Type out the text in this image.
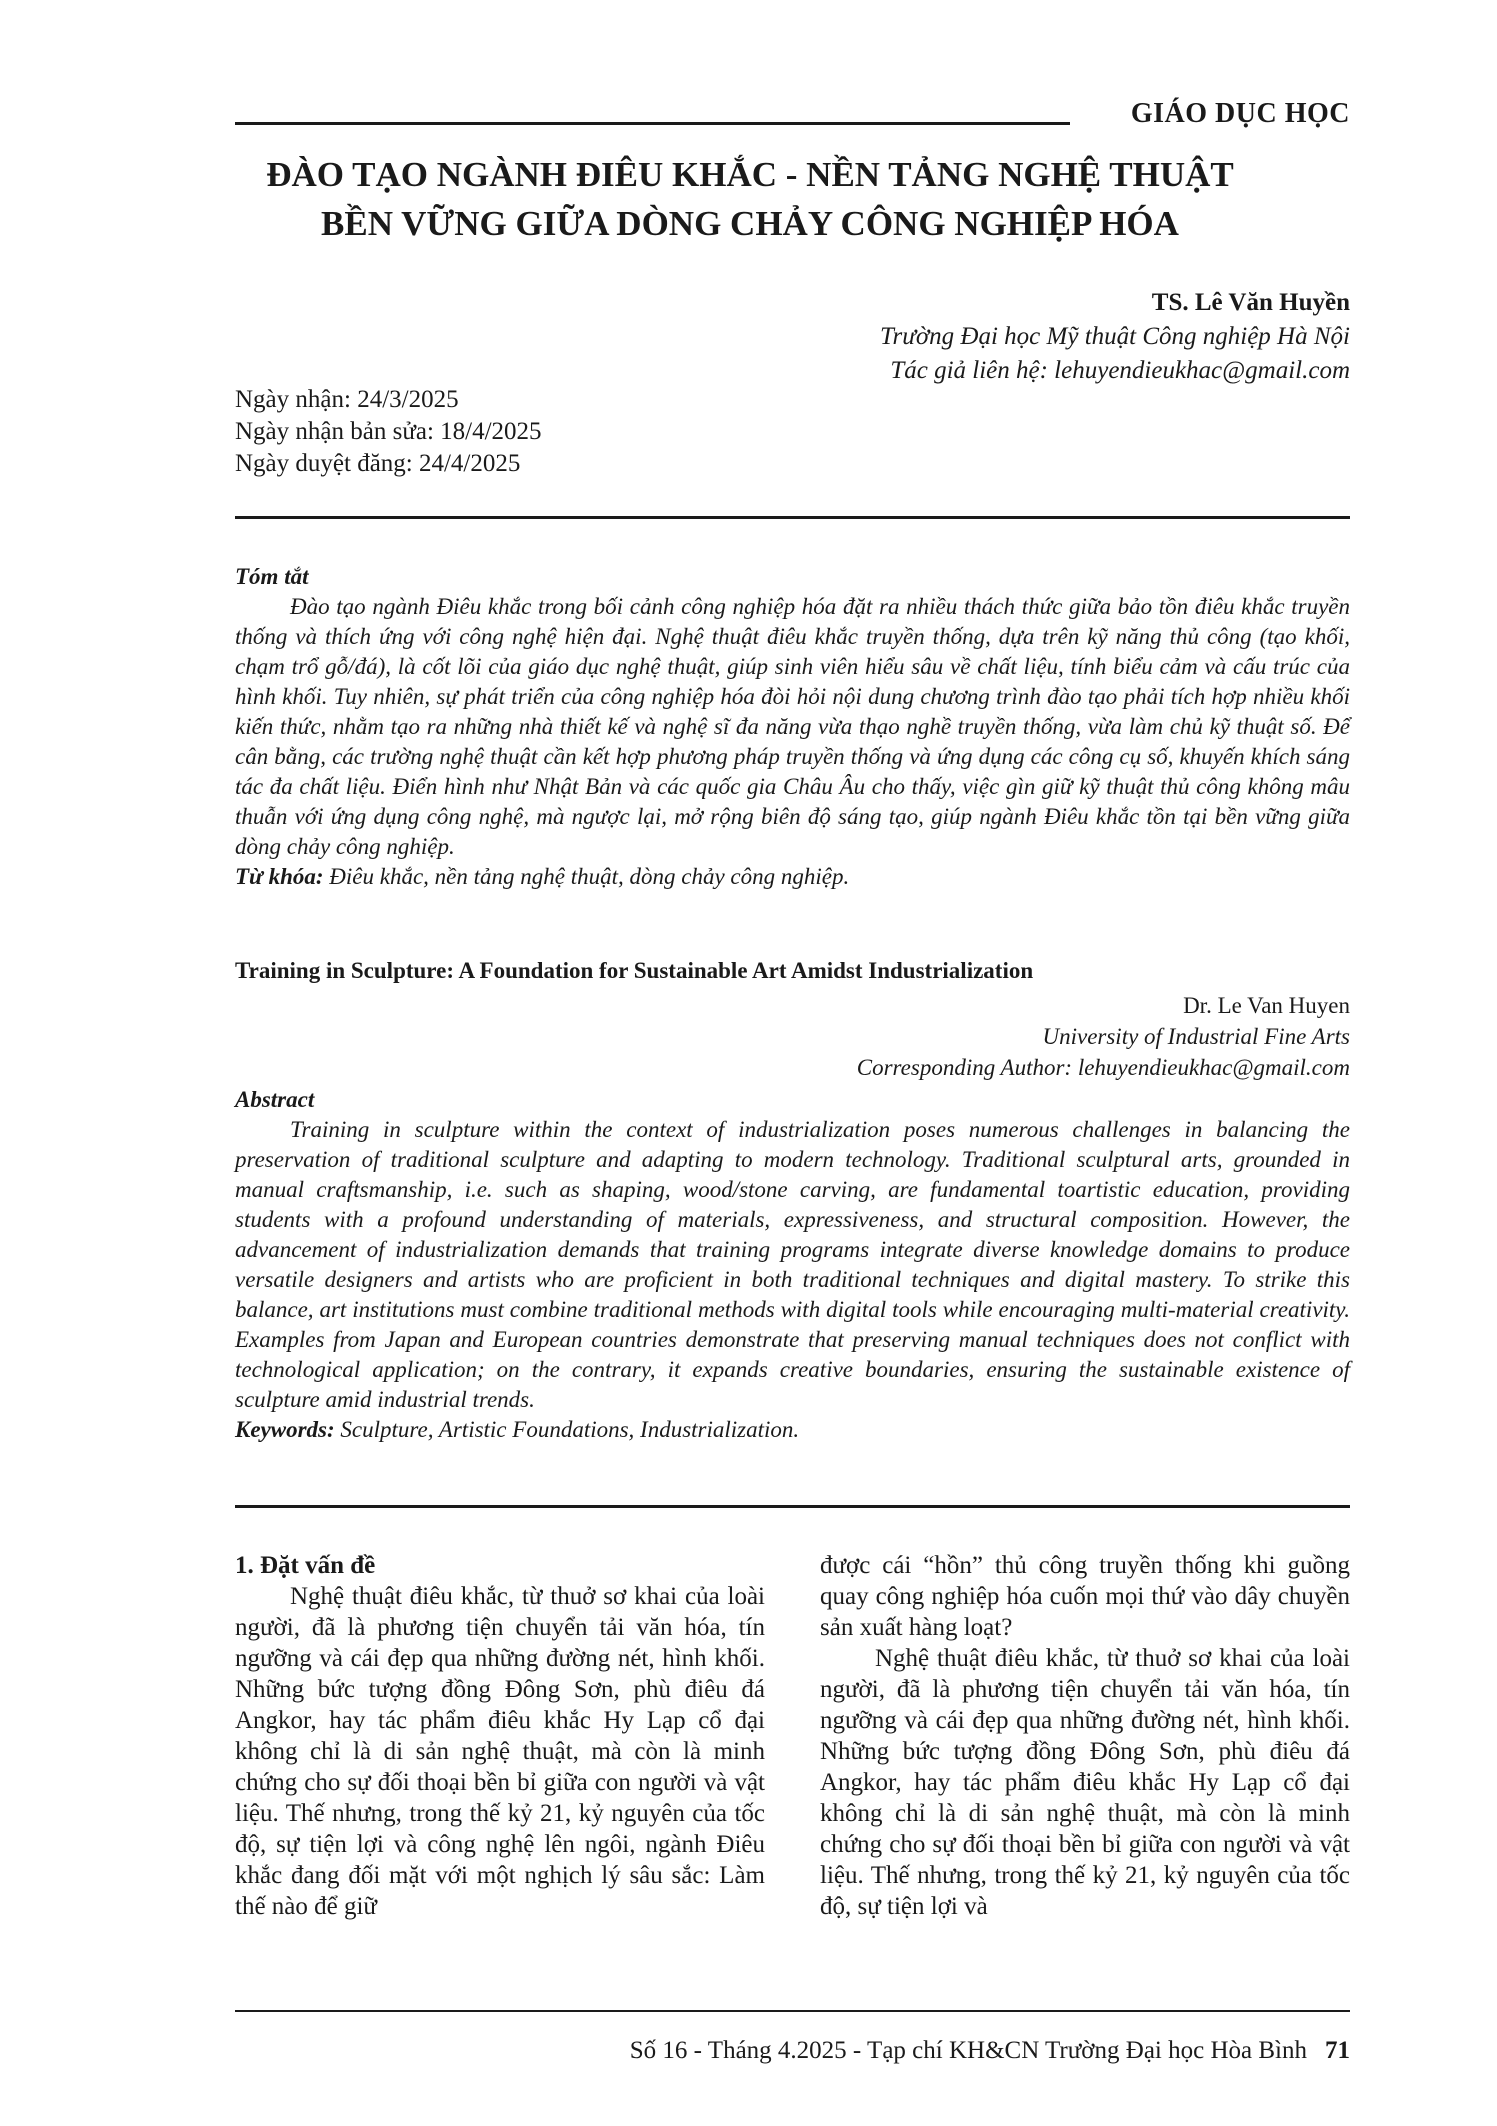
GIÁO DỤC HỌC
ĐÀO TẠO NGÀNH ĐIÊU KHẮC - NỀN TẢNG NGHỆ THUẬT
BỀN VỮNG GIỮA DÒNG CHẢY CÔNG NGHIỆP HÓA
TS. Lê Văn Huyền
Trường Đại học Mỹ thuật Công nghiệp Hà Nội
Tác giả liên hệ: lehuyendieukhac@gmail.com
Ngày nhận: 24/3/2025
Ngày nhận bản sửa: 18/4/2025
Ngày duyệt đăng: 24/4/2025
Tóm tắt

Đào tạo ngành Điêu khắc trong bối cảnh công nghiệp hóa đặt ra nhiều thách thức giữa bảo tồn điêu khắc truyền thống và thích ứng với công nghệ hiện đại. Nghệ thuật điêu khắc truyền thống, dựa trên kỹ năng thủ công (tạo khối, chạm trổ gỗ/đá), là cốt lõi của giáo dục nghệ thuật, giúp sinh viên hiểu sâu về chất liệu, tính biểu cảm và cấu trúc của hình khối. Tuy nhiên, sự phát triển của công nghiệp hóa đòi hỏi nội dung chương trình đào tạo phải tích hợp nhiều khối kiến thức, nhằm tạo ra những nhà thiết kế và nghệ sĩ đa năng vừa thạo nghề truyền thống, vừa làm chủ kỹ thuật số. Để cân bằng, các trường nghệ thuật cần kết hợp phương pháp truyền thống và ứng dụng các công cụ số, khuyến khích sáng tác đa chất liệu. Điển hình như Nhật Bản và các quốc gia Châu Âu cho thấy, việc gìn giữ kỹ thuật thủ công không mâu thuẫn với ứng dụng công nghệ, mà ngược lại, mở rộng biên độ sáng tạo, giúp ngành Điêu khắc tồn tại bền vững giữa dòng chảy công nghiệp.

Từ khóa: Điêu khắc, nền tảng nghệ thuật, dòng chảy công nghiệp.

Training in Sculpture: A Foundation for Sustainable Art Amidst Industrialization
Dr. Le Van Huyen
University of Industrial Fine Arts
Corresponding Author: lehuyendieukhac@gmail.com
Abstract

Training in sculpture within the context of industrialization poses numerous challenges in balancing the preservation of traditional sculpture and adapting to modern technology. Traditional sculptural arts, grounded in manual craftsmanship, i.e. such as shaping, wood/stone carving, are fundamental toartistic education, providing students with a profound understanding of materials, expressiveness, and structural composition. However, the advancement of industrialization demands that training programs integrate diverse knowledge domains to produce versatile designers and artists who are proficient in both traditional techniques and digital mastery. To strike this balance, art institutions must combine traditional methods with digital tools while encouraging multi-material creativity. Examples from Japan and European countries demonstrate that preserving manual techniques does not conflict with technological application; on the contrary, it expands creative boundaries, ensuring the sustainable existence of sculpture amid industrial trends.

Keywords: Sculpture, Artistic Foundations, Industrialization.

1. Đặt vấn đề

Nghệ thuật điêu khắc, từ thuở sơ khai của loài người, đã là phương tiện chuyển tải văn hóa, tín ngưỡng và cái đẹp qua những đường nét, hình khối. Những bức tượng đồng Đông Sơn, phù điêu đá Angkor, hay tác phẩm điêu khắc Hy Lạp cổ đại không chỉ là di sản nghệ thuật, mà còn là minh chứng cho sự đối thoại bền bỉ giữa con người và vật liệu. Thế nhưng, trong thế kỷ 21, kỷ nguyên của tốc độ, sự tiện lợi và công nghệ lên ngôi, ngành Điêu khắc đang đối mặt với một nghịch lý sâu sắc: Làm thế nào để giữ

được cái “hồn” thủ công truyền thống khi guồng quay công nghiệp hóa cuốn mọi thứ vào dây chuyền sản xuất hàng loạt?

Nghệ thuật điêu khắc, từ thuở sơ khai của loài người, đã là phương tiện chuyển tải văn hóa, tín ngưỡng và cái đẹp qua những đường nét, hình khối. Những bức tượng đồng Đông Sơn, phù điêu đá Angkor, hay tác phẩm điêu khắc Hy Lạp cổ đại không chỉ là di sản nghệ thuật, mà còn là minh chứng cho sự đối thoại bền bỉ giữa con người và vật liệu. Thế nhưng, trong thế kỷ 21, kỷ nguyên của tốc độ, sự tiện lợi và

Số 16 - Tháng 4.2025 - Tạp chí KH&CN Trường Đại học Hòa Bình 71
